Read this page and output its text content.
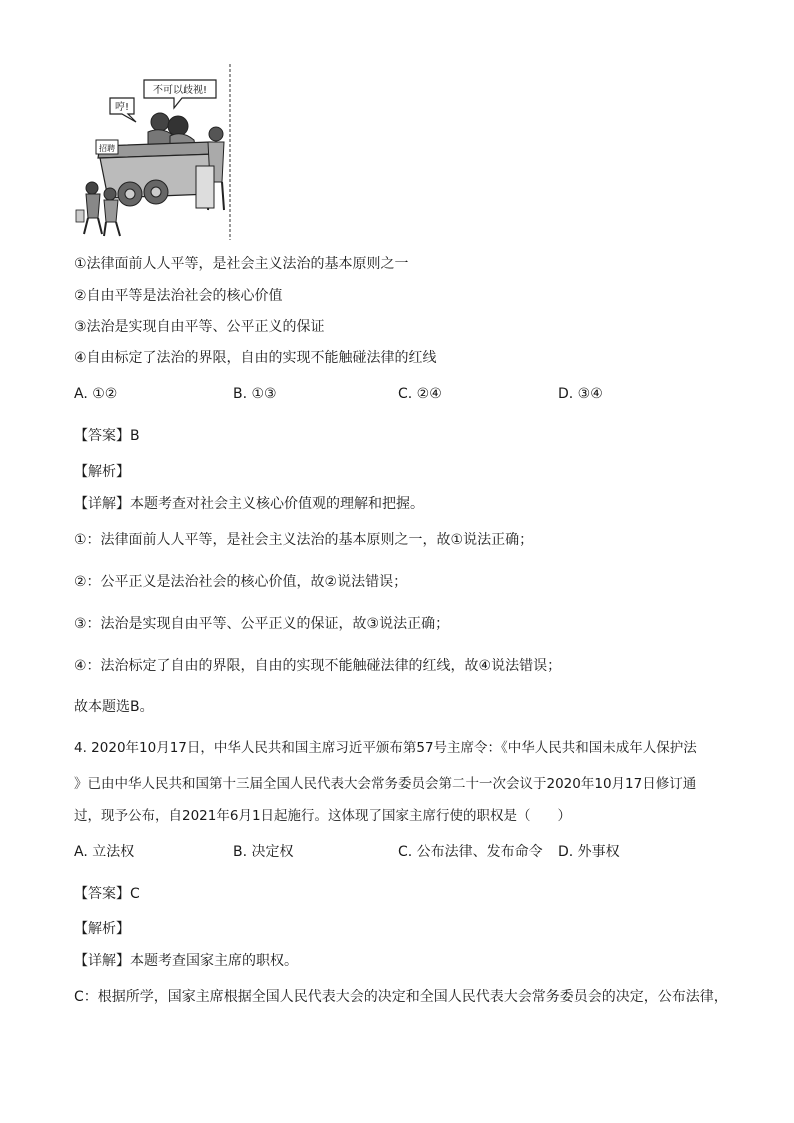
不可以歧视!
哼!
招聘
①法律面前人人平等，是社会主义法治的基本原则之一
②自由平等是法治社会的核心价值
③法治是实现自由平等、公平正义的保证
④自由标定了法治的界限，自由的实现不能触碰法律的红线
A. ①②	B. ①③	C. ②④	D. ③④
【答案】B
【解析】
【详解】本题考查对社会主义核心价值观的理解和把握。
①：法律面前人人平等，是社会主义法治的基本原则之一，故①说法正确；
②：公平正义是法治社会的核心价值，故②说法错误；
③：法治是实现自由平等、公平正义的保证，故③说法正确；
④：法治标定了自由的界限，自由的实现不能触碰法律的红线，故④说法错误；
故本题选B。
4. 2020年10月17日，中华人民共和国主席习近平颁布第57号主席令：《中华人民共和国未成年人保护法
》已由中华人民共和国第十三届全国人民代表大会常务委员会第二十一次会议于2020年10月17日修订通
过，现予公布，自2021年6月1日起施行。这体现了国家主席行使的职权是（　　）
A. 立法权	B. 决定权	C. 公布法律、发布命令 D. 外事权
【答案】C
【解析】
【详解】本题考查国家主席的职权。
C：根据所学，国家主席根据全国人民代表大会的决定和全国人民代表大会常务委员会的决定，公布法律，
